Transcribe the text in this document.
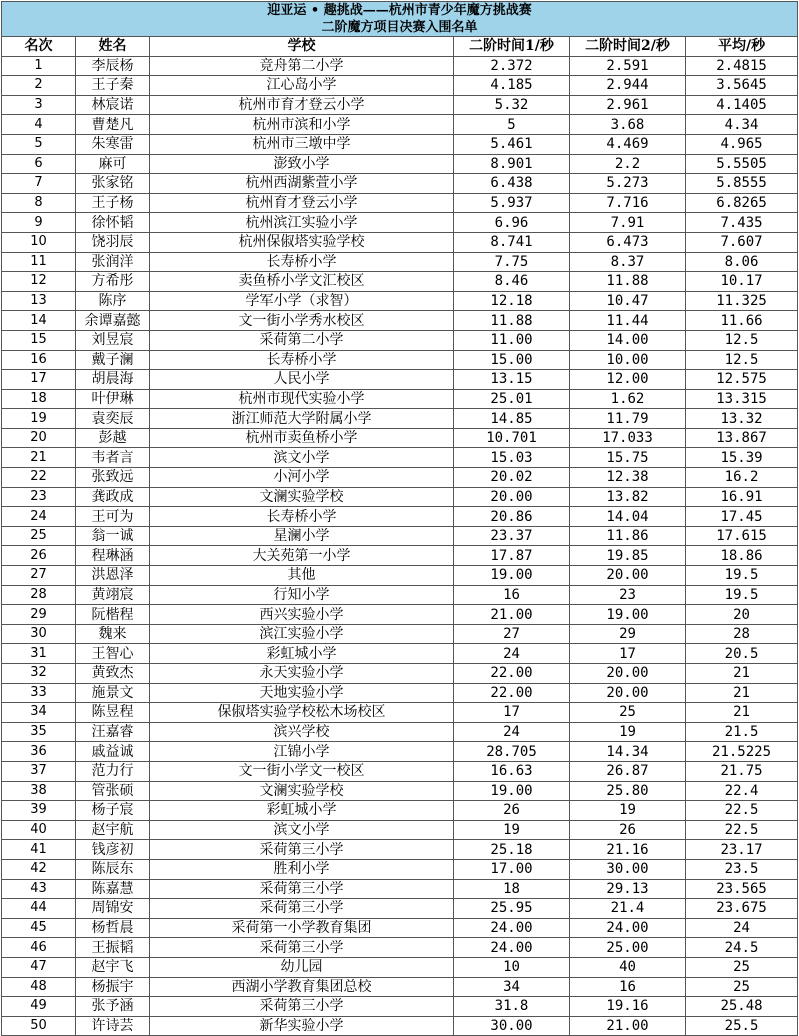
迎亚运 • 趣挑战——杭州市青少年魔方挑战赛					
二阶魔方项目决赛入围名单					
名次	姓名	学校	二阶时间1/秒	二阶时间2/秒	平均/秒
1	李辰杨	竞舟第二小学	2.372	2.591	2.4815
2	王子秦	江心岛小学	4.185	2.944	3.5645
3	林宸诺	杭州市育才登云小学	5.32	2.961	4.1405
4	曹楚凡	杭州市滨和小学	5	3.68	4.34
5	朱寒雷	杭州市三墩中学	5.461	4.469	4.965
6	麻可	澎致小学	8.901	2.2	5.5505
7	张家铭	杭州西湖紫萱小学	6.438	5.273	5.8555
8	王子杨	杭州育才登云小学	5.937	7.716	6.8265
9	徐怀韬	杭州滨江实验小学	6.96	7.91	7.435
10	饶羽辰	杭州保俶塔实验学校	8.741	6.473	7.607
11	张润洋	长寿桥小学	7.75	8.37	8.06
12	方希彤	卖鱼桥小学文汇校区	8.46	11.88	10.17
13	陈序	学军小学（求智）	12.18	10.47	11.325
14	余谭嘉懿	文一街小学秀水校区	11.88	11.44	11.66
15	刘昱宸	采荷第二小学	11.00	14.00	12.5
16	戴子澜	长寿桥小学	15.00	10.00	12.5
17	胡晨海	人民小学	13.15	12.00	12.575
18	叶伊琳	杭州市现代实验小学	25.01	1.62	13.315
19	袁奕辰	浙江师范大学附属小学	14.85	11.79	13.32
20	彭越	杭州市卖鱼桥小学	10.701	17.033	13.867
21	韦者言	滨文小学	15.03	15.75	15.39
22	张致远	小河小学	20.02	12.38	16.2
23	龚政成	文澜实验学校	20.00	13.82	16.91
24	王可为	长寿桥小学	20.86	14.04	17.45
25	翁一诚	星澜小学	23.37	11.86	17.615
26	程琳涵	大关苑第一小学	17.87	19.85	18.86
27	洪恩泽	其他	19.00	20.00	19.5
28	黄翊宸	行知小学	16	23	19.5
29	阮楷程	西兴实验小学	21.00	19.00	20
30	魏来	滨江实验小学	27	29	28
31	王智心	彩虹城小学	24	17	20.5
32	黄致杰	永天实验小学	22.00	20.00	21
33	施景文	天地实验小学	22.00	20.00	21
34	陈昱程	保俶塔实验学校松木场校区	17	25	21
35	汪嘉睿	滨兴学校	24	19	21.5
36	戚益诚	江锦小学	28.705	14.34	21.5225
37	范力行	文一街小学文一校区	16.63	26.87	21.75
38	管张硕	文澜实验学校	19.00	25.80	22.4
39	杨子宸	彩虹城小学	26	19	22.5
40	赵宇航	滨文小学	19	26	22.5
41	钱彦初	采荷第三小学	25.18	21.16	23.17
42	陈辰东	胜利小学	17.00	30.00	23.5
43	陈嘉慧	采荷第三小学	18	29.13	23.565
44	周锦安	采荷第三小学	25.95	21.4	23.675
45	杨哲晨	采荷第一小学教育集团	24.00	24.00	24
46	王振韬	采荷第三小学	24.00	25.00	24.5
47	赵宇飞	幼儿园	10	40	25
48	杨振宇	西湖小学教育集团总校	34	16	25
49	张予涵	采荷第三小学	31.8	19.16	25.48
50	许诗芸	新华实验小学	30.00	21.00	25.5
